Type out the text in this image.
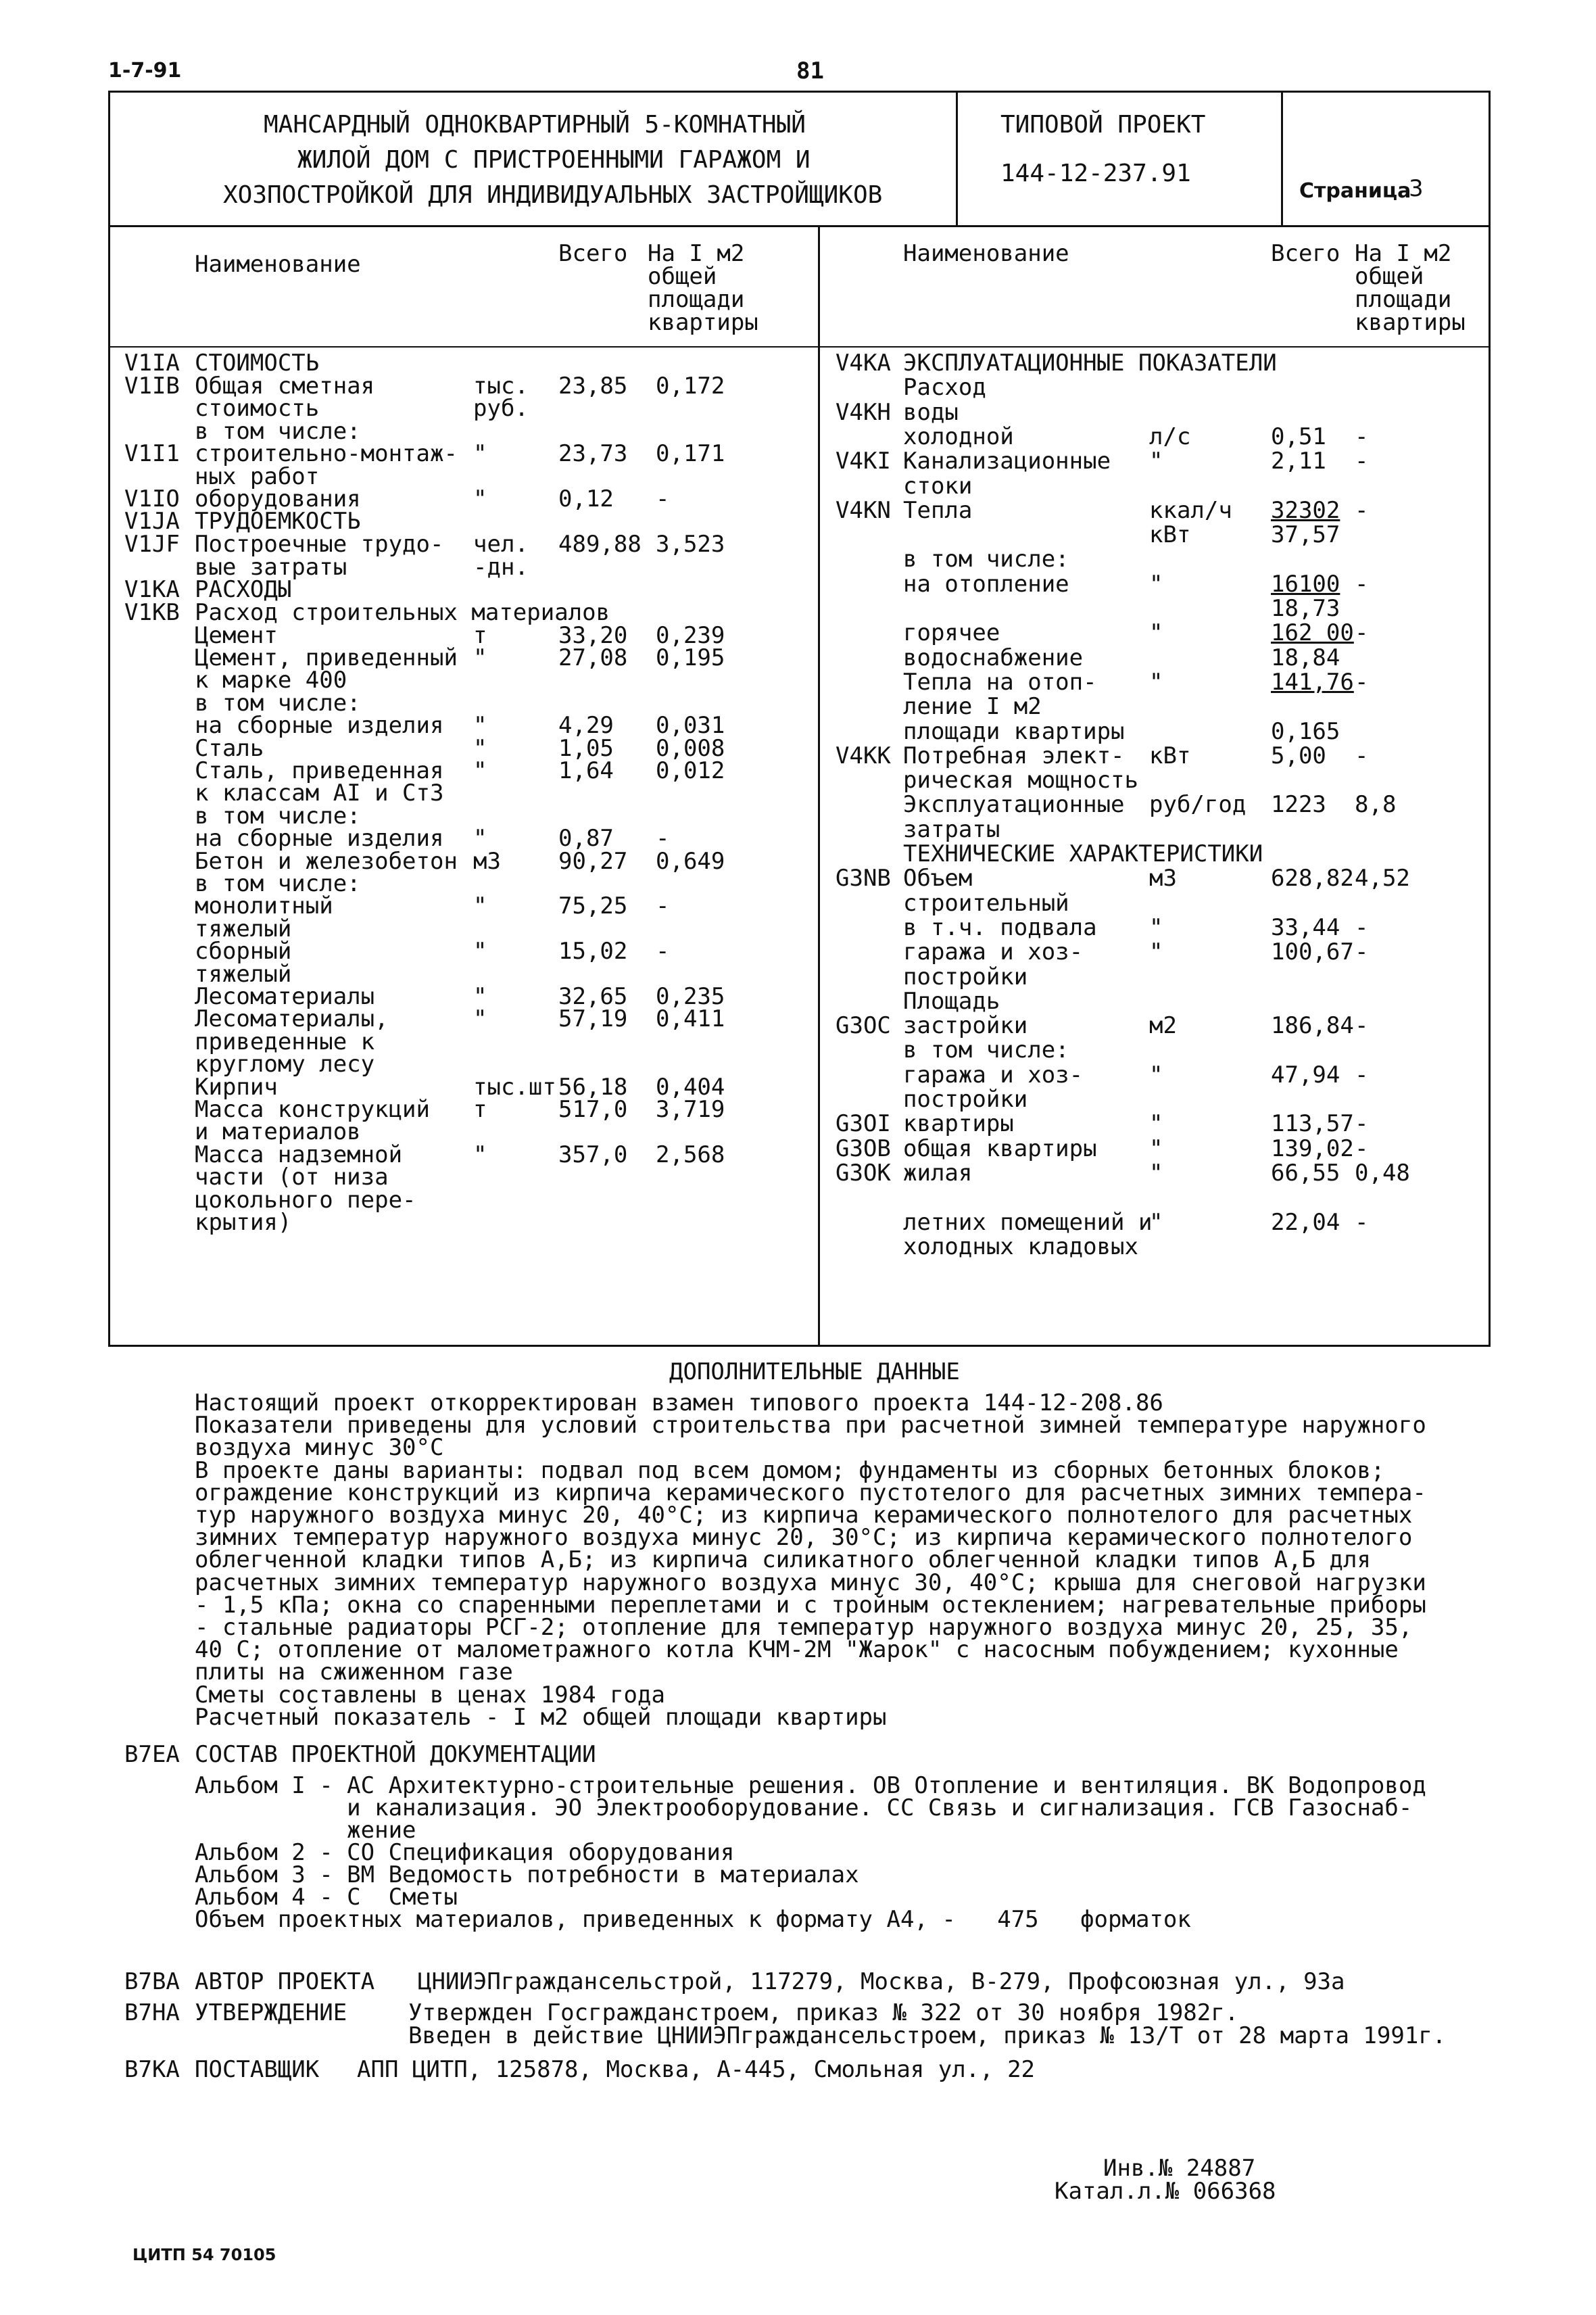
1-7-91	81
МАНСАРДНЫЙ ОДНОКВАРТИРНЫЙ 5-КОМНАТНЫЙ
ЖИЛОЙ ДОМ С ПРИСТРОЕННЫМИ ГАРАЖОМ И
ХОЗПОСТРОЙКОЙ ДЛЯ ИНДИВИДУАЛЬНЫХ ЗАСТРОЙЩИКОВ
ТИПОВОЙ ПРОЕКТ
144-12-237.91
Страница
3
Наименование	Всего На I м2
общей
площади
квартиры
Наименование	Всего На I м2
общей
площади
квартиры
V1IA СТОИМОСТЬ
V1IB Общая сметная	тыс. 23,85 0,172
стоимость	руб.
в том числе:
V1I1 строительно-монтаж- "	23,73 0,171
ных работ
V1IO оборудования	"	0,12 -
V1JA ТРУДОЕМКОСТЬ
V1JF Построечные трудо- чел. 489,88 3,523
вые затраты	-дн.
V1KA РАСХОДЫ
V1KB Расход строительных материалов
Цемент	т	33,20 0,239
Цемент, приведенный "	27,08 0,195
к марке 400
в том числе:
на сборные изделия "	4,29 0,031
Сталь	"	1,05 0,008
Сталь, приведенная "	1,64 0,012
к классам AI и Ст3
в том числе:
на сборные изделия "	0,87 -
Бетон и железобетон м3	90,27 0,649
в том числе:
монолитный	"	75,25 -
тяжелый
сборный	"	15,02 -
тяжелый
Лесоматериалы	"	32,65 0,235
Лесоматериалы,	"	57,19 0,411
приведенные к
круглому лесу
Кирпич	тыс.шт 56,18 0,404
Масса конструкций т	517,0 3,719
и материалов
Масса надземной	"	357,0 2,568
части (от низа
цокольного пере-
крытия)
V4KA ЭКСПЛУАТАЦИОННЫЕ ПОКАЗАТЕЛИ
Расход
V4KH воды
холодной	л/с	0,51 -
V4KI Канализационные "	2,11 -
стоки
V4KN Тепла	ккал/ч 32302 -
кВт	37,57
в том числе:
на отопление	"	16100 -
18,73
горячее	"	162 00 -
водоснабжение	18,84
Тепла на отоп- "	141,76 -
ление I м2
площади квартиры	0,165
V4KK Потребная элект- кВт	5,00 -
рическая мощность
Эксплуатационные руб/год 1223 8,8
затраты
ТЕХНИЧЕСКИЕ ХАРАКТЕРИСТИКИ
G3NB Объем	м3	628,82 4,52
строительный
в т.ч. подвала "	33,44 -
гаража и хоз-	"	100,67 -
постройки
Площадь
G3OC застройки	м2	186,84 -
в том числе:
гаража и хоз-	"	47,94 -
постройки
G3OI квартиры	"	113,57 -
G3OB общая квартиры "	139,02 -
G3OK жилая	"	66,55 0,48
летних помещений и
"	22,04 -
холодных кладовых
ДОПОЛНИТЕЛЬНЫЕ ДАННЫЕ
Настоящий проект откорректирован взамен типового проекта 144-12-208.86
Показатели приведены для условий строительства при расчетной зимней температуре наружного
воздуха минус 30°С
В проекте даны варианты: подвал под всем домом; фундаменты из сборных бетонных блоков;
ограждение конструкций из кирпича керамического пустотелого для расчетных зимних темпера-
тур наружного воздуха минус 20, 40°С; из кирпича керамического полнотелого для расчетных
зимних температур наружного воздуха минус 20, 30°С; из кирпича керамического полнотелого
облегченной кладки типов А,Б; из кирпича силикатного облегченной кладки типов А,Б для
расчетных зимних температур наружного воздуха минус 30, 40°С; крыша для снеговой нагрузки
- 1,5 кПа; окна со спаренными переплетами и с тройным остеклением; нагревательные приборы
- стальные радиаторы РСГ-2; отопление для температур наружного воздуха минус 20, 25, 35,
40 С; отопление от малометражного котла КЧМ-2М "Жарок" с насосным побуждением; кухонные
плиты на сжиженном газе
Сметы составлены в ценах 1984 года
Расчетный показатель - I м2 общей площади квартиры
B7EA СОСТАВ ПРОЕКТНОЙ ДОКУМЕНТАЦИИ
Альбом I - АС Архитектурно-строительные решения. ОВ Отопление и вентиляция. ВК Водопровод
и канализация. ЭО Электрооборудование. СС Связь и сигнализация. ГСВ Газоснаб-
жение
Альбом 2 - СО Спецификация оборудования
Альбом 3 - ВМ Ведомость потребности в материалах
Альбом 4 - С  Сметы
Объем проектных материалов, приведенных к формату А4, -   475   форматок
B7BA АВТОР ПРОЕКТА ЦНИИЭПграждансельстрой, 117279, Москва, В-279, Профсоюзная ул., 93а
B7HA УТВЕРЖДЕНИЕ	Утвержден Госгражданстроем, приказ № 322 от 30 ноября 1982г.
Введен в действие ЦНИИЭПграждансельстроем, приказ № 13/Т от 28 марта 1991г.
B7KA ПОСТАВЩИК АПП ЦИТП, 125878, Москва, А-445, Смольная ул., 22
Инв.№ 24887
Катал.л.№ 066368
ЦИТП 54 70105
